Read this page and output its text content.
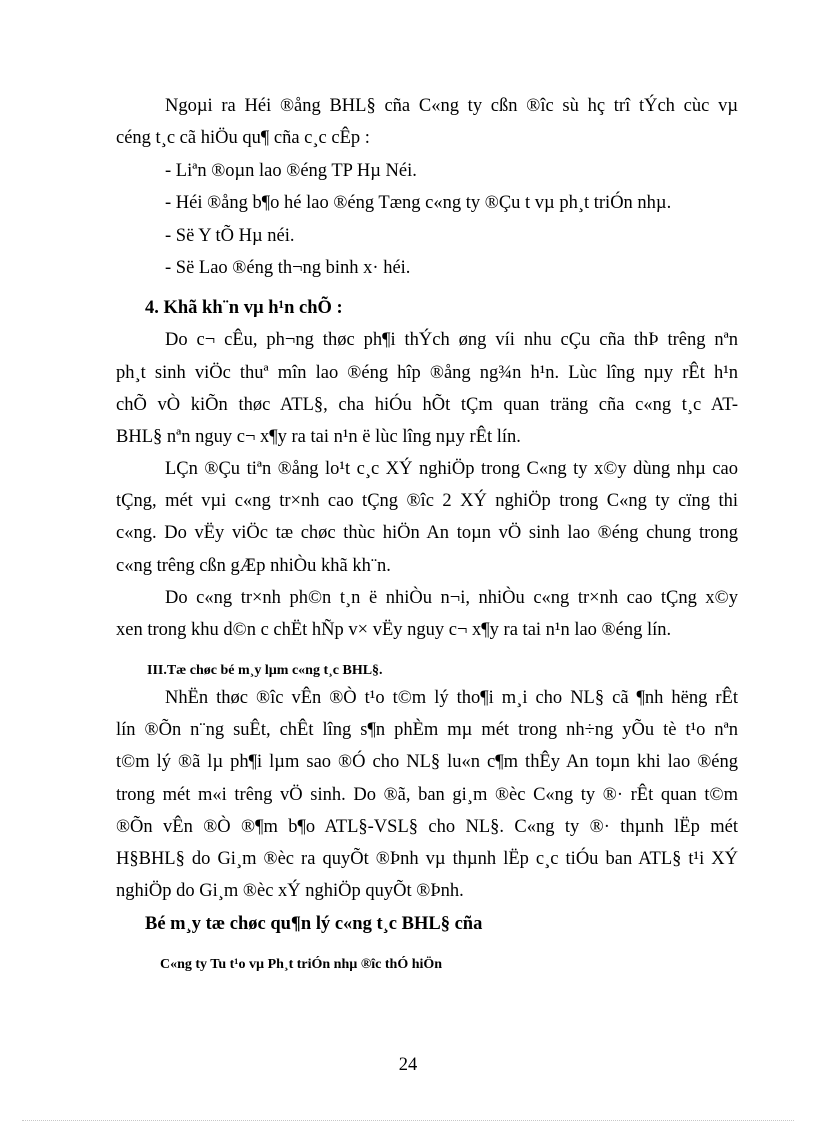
Ngoµi ra Héi ®ång BHL§ cña C«ng ty cßn ®îc sù hç trî tÝch cùc vµ
céng t¸c cã hiÖu qu¶ cña c¸c cÊp :
- Liªn ®oµn lao ®éng TP Hµ Néi.
- Héi ®ång b¶o hé lao ®éng Tæng c«ng ty ®Çu t vµ ph¸t triÓn nhµ.
- Së Y tÕ Hµ néi.
- Së Lao ®éng th¬ng binh x· héi.
4. Khã kh¨n vµ h¹n chÕ :
Do c¬ cÊu, ph¬ng thøc ph¶i thÝch øng víi nhu cÇu cña thÞ trêng nªn
ph¸t sinh viÖc thuª mîn lao ®éng hîp ®ång ng¾n h¹n. Lùc lîng nµy rÊt h¹n
chÕ vÒ kiÕn thøc ATL§, cha hiÓu hÕt tÇm quan träng cña c«ng t¸c AT-
BHL§ nªn nguy c¬ x¶y ra tai n¹n ë lùc lîng nµy rÊt lín.
LÇn ®Çu tiªn ®ång lo¹t c¸c XÝ nghiÖp trong C«ng ty x©y dùng nhµ cao
tÇng, mét vµi c«ng tr×nh cao tÇng ®îc 2 XÝ nghiÖp trong C«ng ty cïng thi
c«ng. Do vËy viÖc tæ chøc thùc hiÖn An toµn vÖ sinh lao ®éng chung trong
c«ng trêng cßn gÆp nhiÒu khã kh¨n.
Do c«ng tr×nh ph©n t¸n ë nhiÒu n¬i, nhiÒu c«ng tr×nh cao tÇng x©y
xen trong khu d©n c chËt hÑp v× vËy nguy c¬ x¶y ra tai n¹n lao ®éng lín.
III.Tæ chøc bé m¸y lµm c«ng t¸c BHL§.
NhËn thøc ®îc vÊn ®Ò t¹o t©m lý tho¶i m¸i cho NL§ cã ¶nh hëng rÊt
lín ®Õn n¨ng suÊt, chÊt lîng s¶n phÈm mµ mét trong nh÷ng yÕu tè t¹o nªn
t©m lý ®ã lµ ph¶i lµm sao ®Ó cho NL§ lu«n c¶m thÊy An toµn khi lao ®éng
trong mét m«i trêng vÖ sinh. Do ®ã, ban gi¸m ®èc C«ng ty ®· rÊt quan t©m
®Õn vÊn ®Ò ®¶m b¶o ATL§-VSL§ cho NL§. C«ng ty ®· thµnh lËp mét
H§BHL§ do Gi¸m ®èc ra quyÕt ®Þnh vµ thµnh lËp c¸c tiÓu ban ATL§ t¹i XÝ
nghiÖp do Gi¸m ®èc xÝ nghiÖp quyÕt ®Þnh.
Bé m¸y tæ chøc qu¶n lý c«ng t¸c BHL§ cña
C«ng ty Tu t¹o vµ Ph¸t triÓn nhµ ®îc thÓ hiÖn
24
